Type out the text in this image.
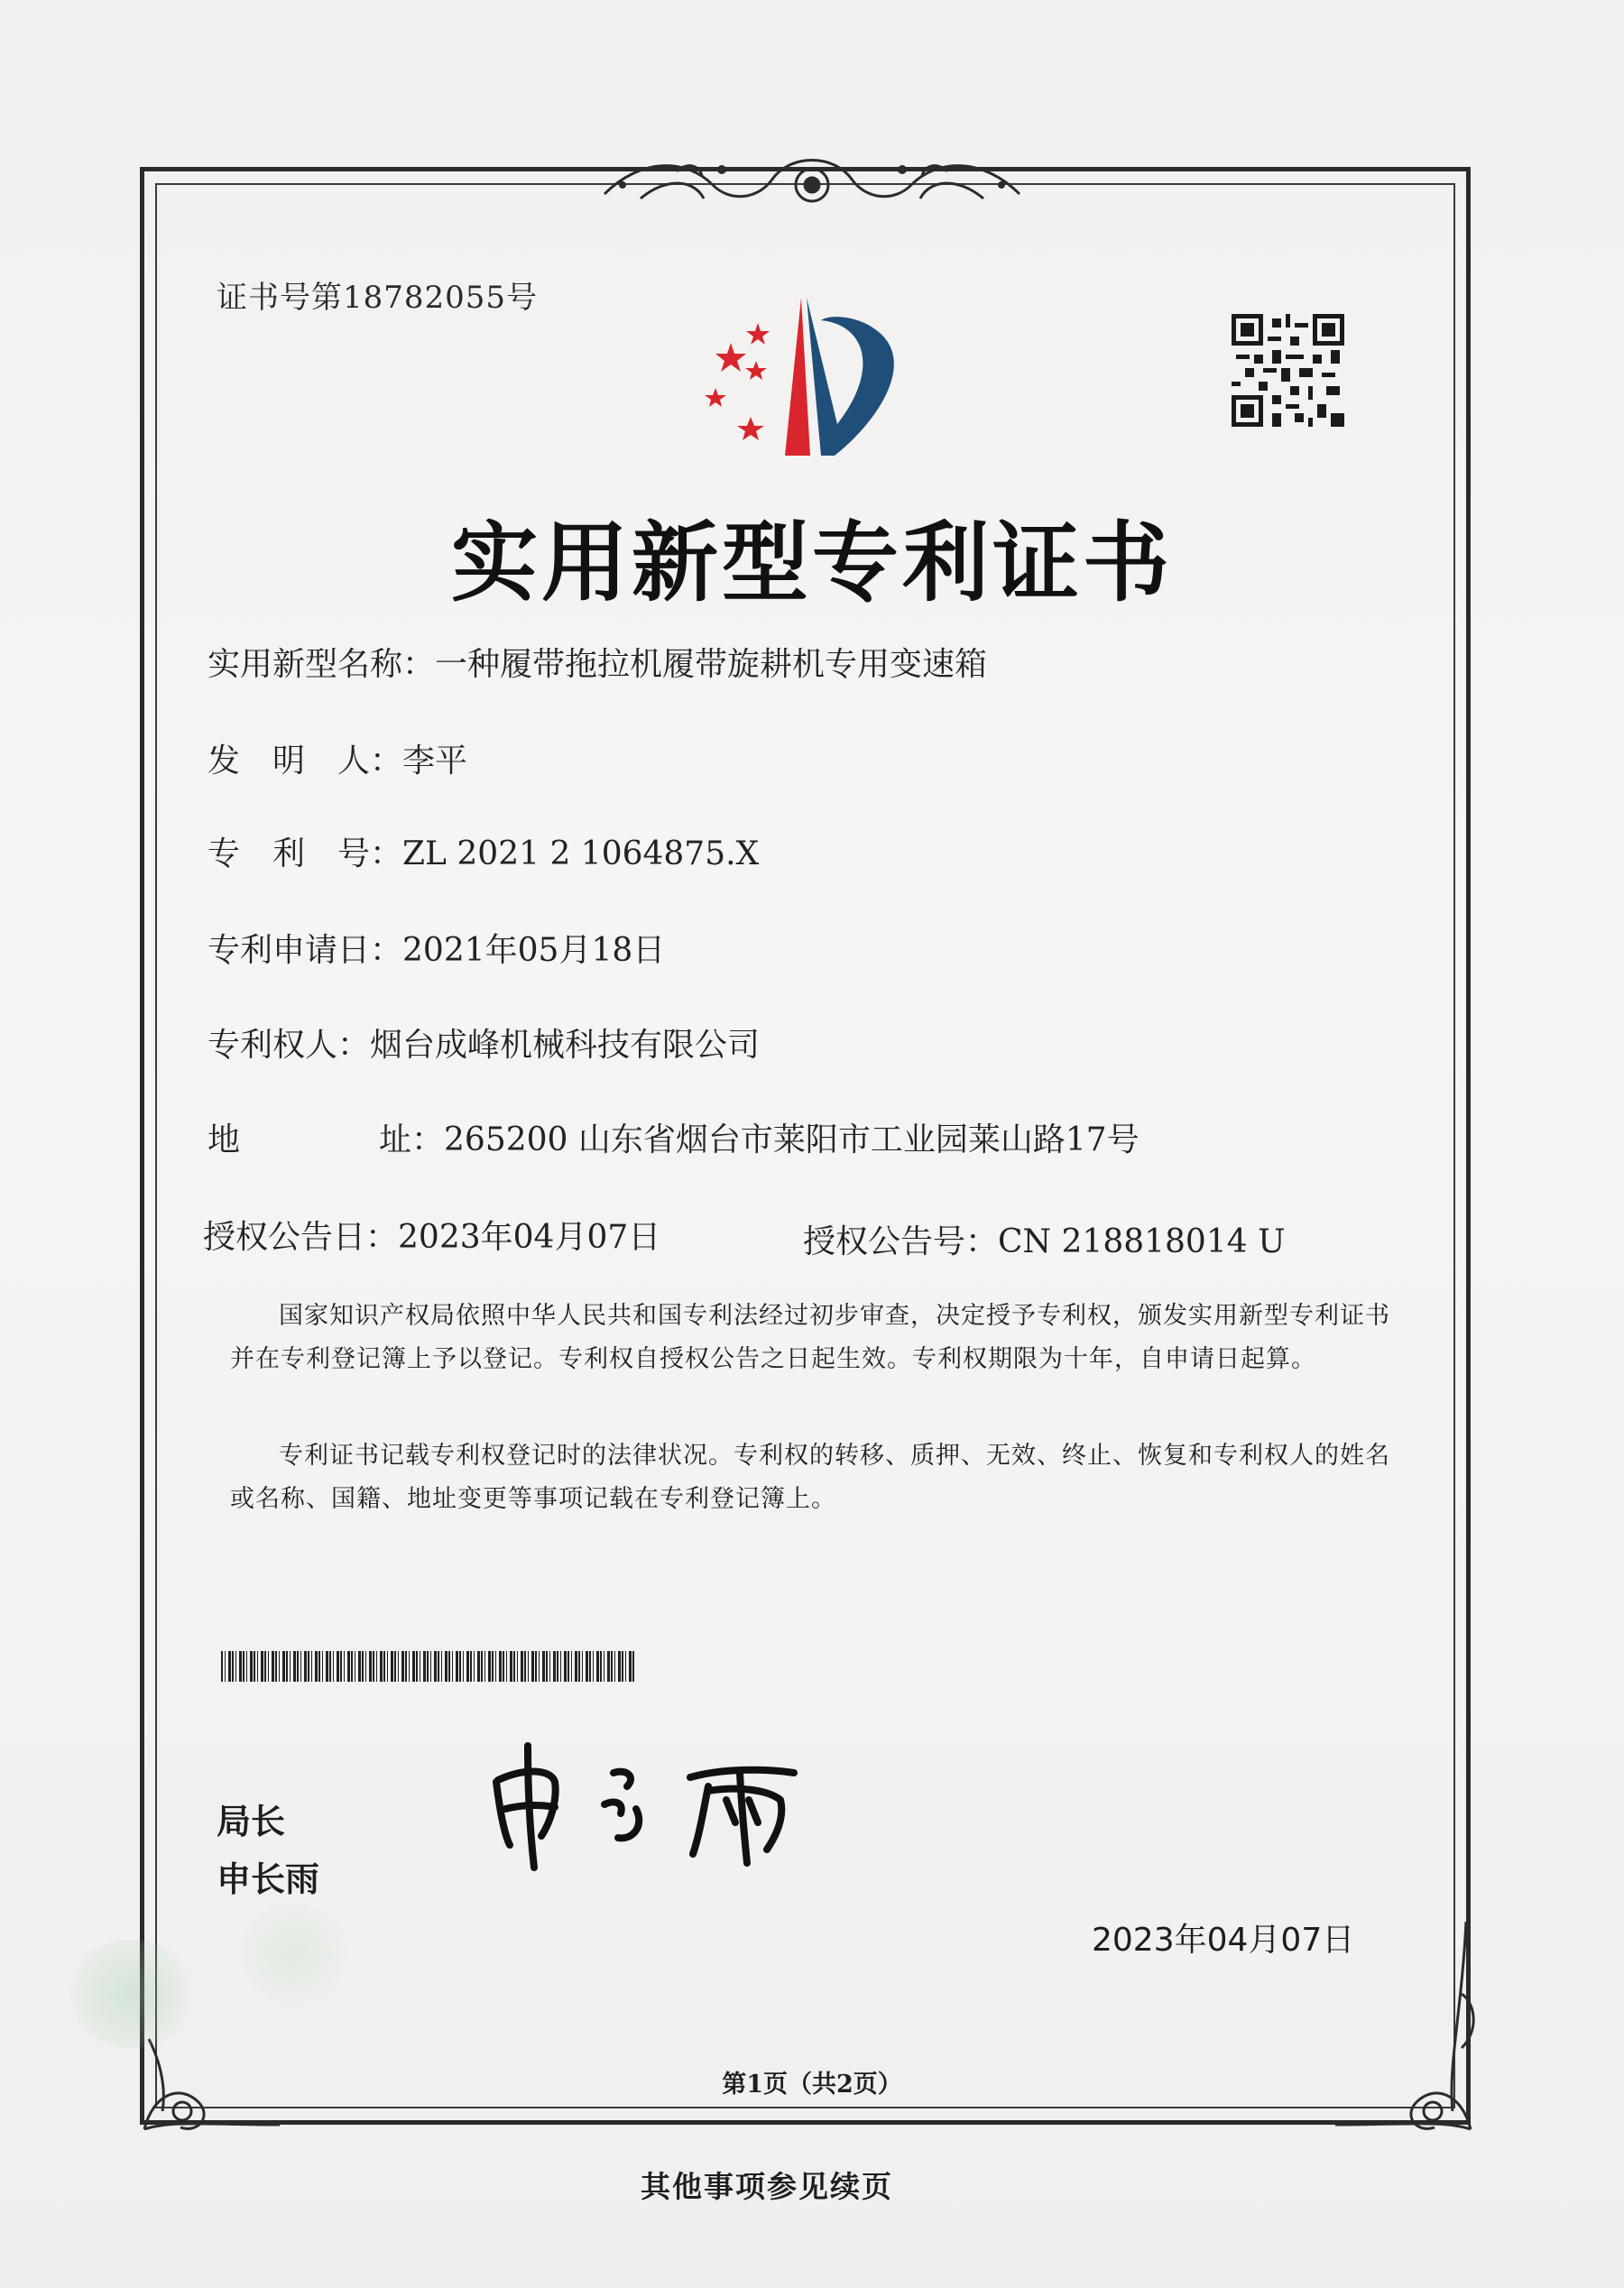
证书号第18782055号
实用新型专利证书
实用新型名称：一种履带拖拉机履带旋耕机专用变速箱
发　明　人：李平
专　利　号：ZL 2021 2 1064875.X
专利申请日：2021年05月18日
专利权人：烟台成峰机械科技有限公司
地	址：265200 山东省烟台市莱阳市工业园莱山路17号
授权公告日：2023年04月07日	授权公告号：CN 218818014 U
国家知识产权局依照中华人民共和国专利法经过初步审查，决定授予专利权，颁发实用新型专利证书并在专利登记簿上予以登记。专利权自授权公告之日起生效。专利权期限为十年，自申请日起算。
专利证书记载专利权登记时的法律状况。专利权的转移、质押、无效、终止、恢复和专利权人的姓名或名称、国籍、地址变更等事项记载在专利登记簿上。
局长
申长雨
2023年04月07日
第1页（共2页）
其他事项参见续页
